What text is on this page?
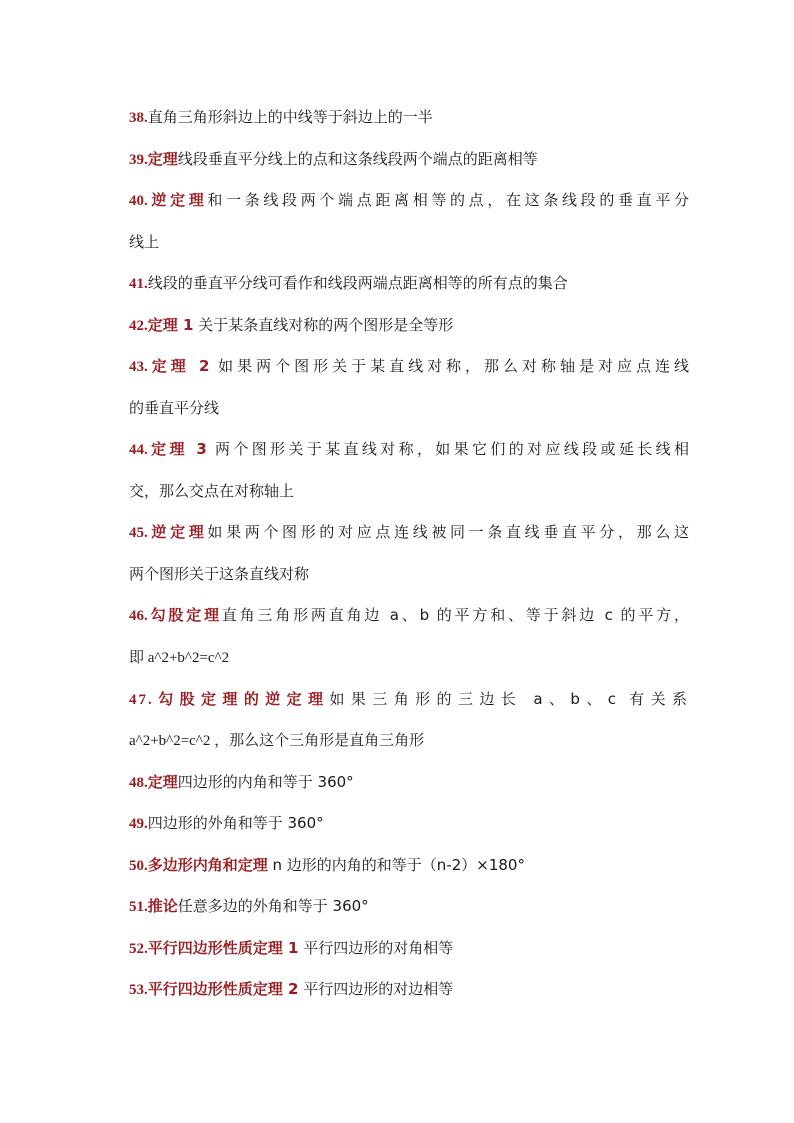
38.直角三角形斜边上的中线等于斜边上的一半
39.定理线段垂直平分线上的点和这条线段两个端点的距离相等
40.逆定理和一条线段两个端点距离相等的点，在这条线段的垂直平分
线上
41.线段的垂直平分线可看作和线段两端点距离相等的所有点的集合
42.定理 1 关于某条直线对称的两个图形是全等形
43.定理 2 如果两个图形关于某直线对称，那么对称轴是对应点连线
的垂直平分线
44.定理 3 两个图形关于某直线对称，如果它们的对应线段或延长线相
交，那么交点在对称轴上
45.逆定理如果两个图形的对应点连线被同一条直线垂直平分，那么这
两个图形关于这条直线对称
46.勾股定理直角三角形两直角边 a、b 的平方和、等于斜边 c 的平方，
即 a^2+b^2=c^2
47.勾股定理的逆定理如果三角形的三边长 a、b、c 有关系
a^2+b^2=c^2 ，那么这个三角形是直角三角形
48.定理四边形的内角和等于 360°
49.四边形的外角和等于 360°
50.多边形内角和定理 n 边形的内角的和等于（n-2）×180°
51.推论任意多边的外角和等于 360°
52.平行四边形性质定理 1 平行四边形的对角相等
53.平行四边形性质定理 2 平行四边形的对边相等
